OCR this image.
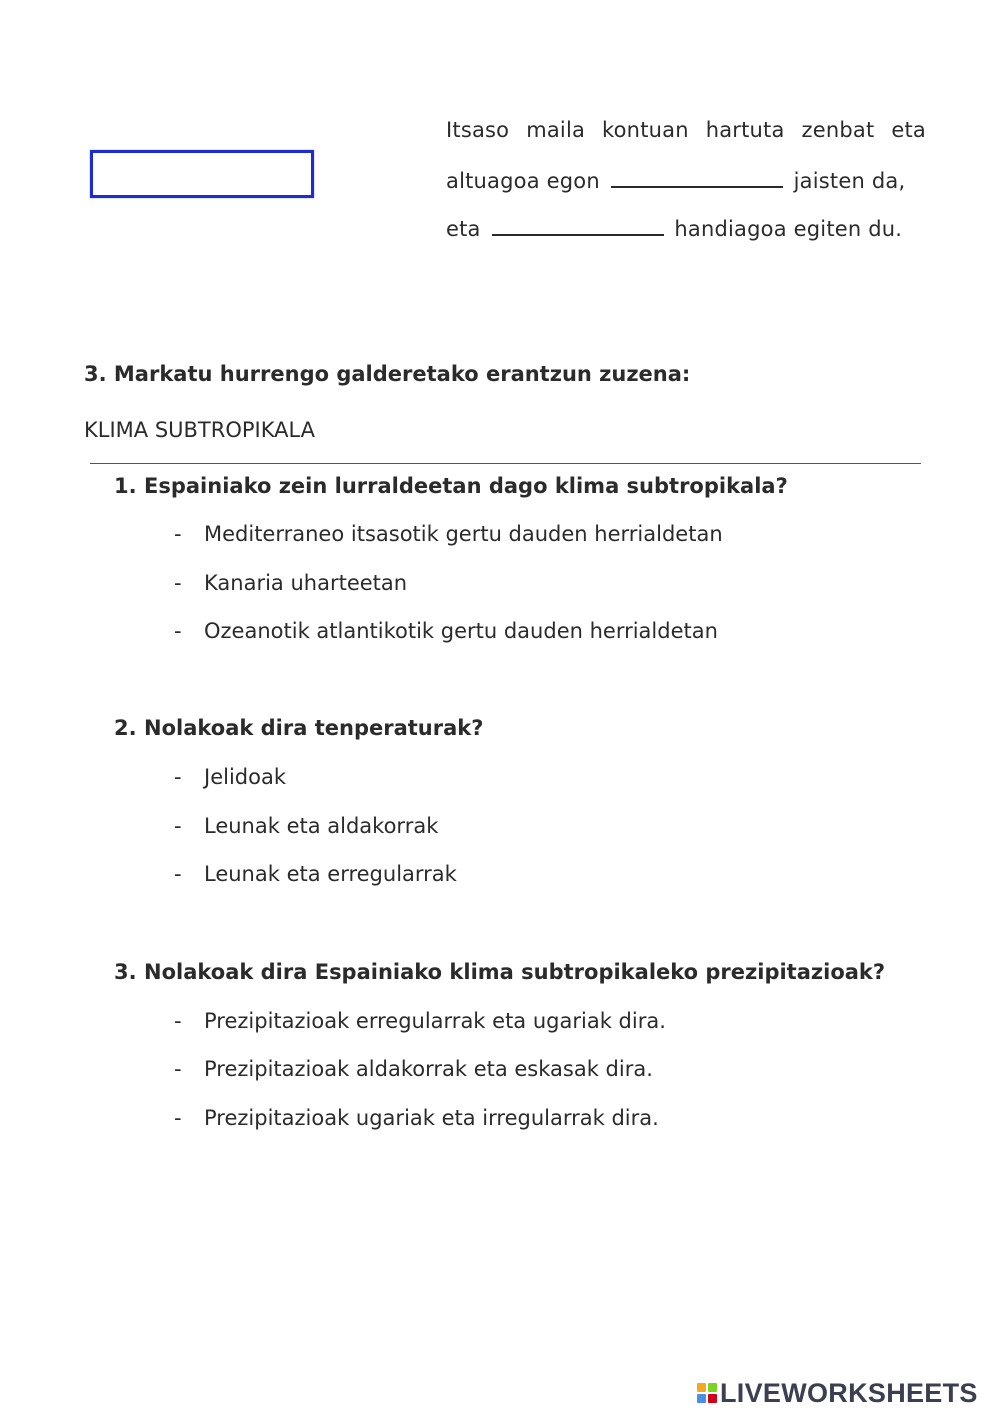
Itsaso maila kontuan hartuta zenbat eta
altuagoa egon	jaisten da,
eta	handiagoa egiten du.
3. Markatu hurrengo galderetako erantzun zuzena:
KLIMA SUBTROPIKALA
1. Espainiako zein lurraldeetan dago klima subtropikala?
- Mediterraneo itsasotik gertu dauden herrialdetan
- Kanaria uharteetan
- Ozeanotik atlantikotik gertu dauden herrialdetan
2. Nolakoak dira tenperaturak?
- Jelidoak
- Leunak eta aldakorrak
- Leunak eta erregularrak
3. Nolakoak dira Espainiako klima subtropikaleko prezipitazioak?
- Prezipitazioak erregularrak eta ugariak dira.
- Prezipitazioak aldakorrak eta eskasak dira.
- Prezipitazioak ugariak eta irregularrak dira.
LIVEWORKSHEETS
